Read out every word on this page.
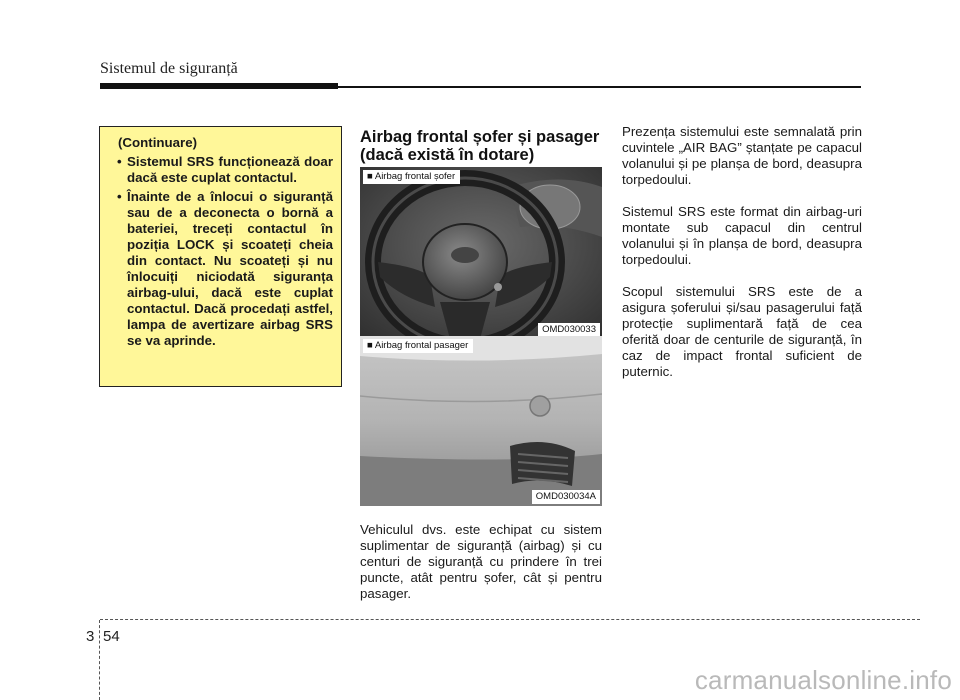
Sistemul de siguranță
(Continuare)
• Sistemul SRS funcționează doar dacă este cuplat contactul.
• Înainte de a înlocui o siguranță sau de a deconecta o bornă a bateriei, treceți contactul în poziția LOCK și scoateți cheia din contact. Nu scoateți și nu înlocuiți niciodată siguranța airbag-ului, dacă este cuplat contactul. Dacă procedați astfel, lampa de avertizare airbag SRS se va aprinde.
Airbag frontal șofer și pasager (dacă există în dotare)
■ Airbag frontal șofer
OMD030033
■ Airbag frontal pasager
OMD030034A
Vehiculul dvs. este echipat cu sistem suplimentar de siguranță (airbag) și cu centuri de siguranță cu prindere în trei puncte, atât pentru șofer, cât și pentru pasager.

Prezența sistemului este semnalată prin cuvintele „AIR BAG” ștanțate pe capacul volanului și pe planșa de bord, deasupra torpedoului.

Sistemul SRS este format din airbag-uri montate sub capacul din centrul volanului și în planșa de bord, deasupra torpedoului.

Scopul sistemului SRS este de a asigura șoferului și/sau pasagerului față protecție suplimentară față de cea oferită doar de centurile de siguranță, în caz de impact frontal suficient de puternic.

3 54
carmanualsonline.info
